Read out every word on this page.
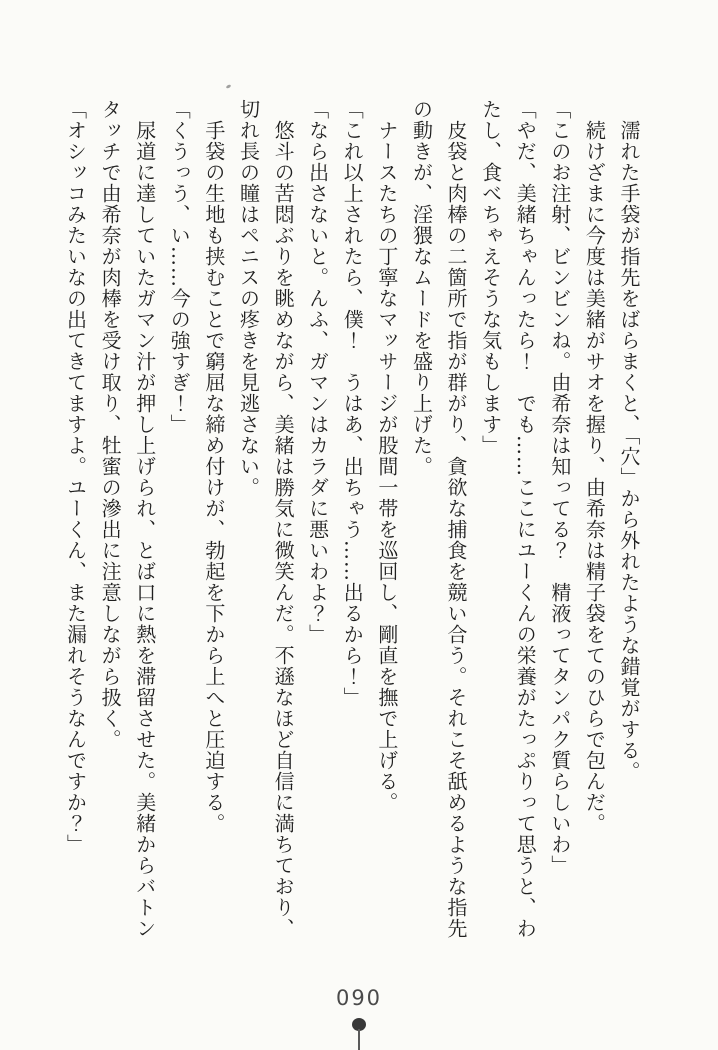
濡れた手袋が指先をばらまくと、「穴」から外れたような錯覚がする。

続けざまに今度は美緒がサオを握り、由希奈は精子袋をてのひらで包んだ。

「このお注射、ビンビンね。由希奈は知ってる？　精液ってタンパク質らしいわ」

「やだ、美緒ちゃんったら！　でも……ここにユーくんの栄養がたっぷりって思うと、わたし、食べちゃえそうな気もします」

皮袋と肉棒の二箇所で指が群がり、貪欲な捕食を競い合う。それこそ舐めるような指先の動きが、淫猥なムードを盛り上げた。

ナースたちの丁寧なマッサージが股間一帯を巡回し、剛直を撫で上げる。

「これ以上されたら、僕！　うはあ、出ちゃう……出るから！」

「なら出さないと。んふ、ガマンはカラダに悪いわよ？」

悠斗の苦悶ぶりを眺めながら、美緒は勝気に微笑んだ。不遜なほど自信に満ちており、切れ長の瞳はペニスの疼きを見逃さない。

手袋の生地も挟むことで窮屈な締め付けが、勃起を下から上へと圧迫する。

「くうっう、い……今の強すぎ！」

尿道に達していたガマン汁が押し上げられ、とば口に熱を滞留させた。美緒からバトンタッチで由希奈が肉棒を受け取り、牡蜜の滲出に注意しながら扱く。

「オシッコみたいなの出てきてますよ。ユーくん、また漏れそうなんですか？」

090
